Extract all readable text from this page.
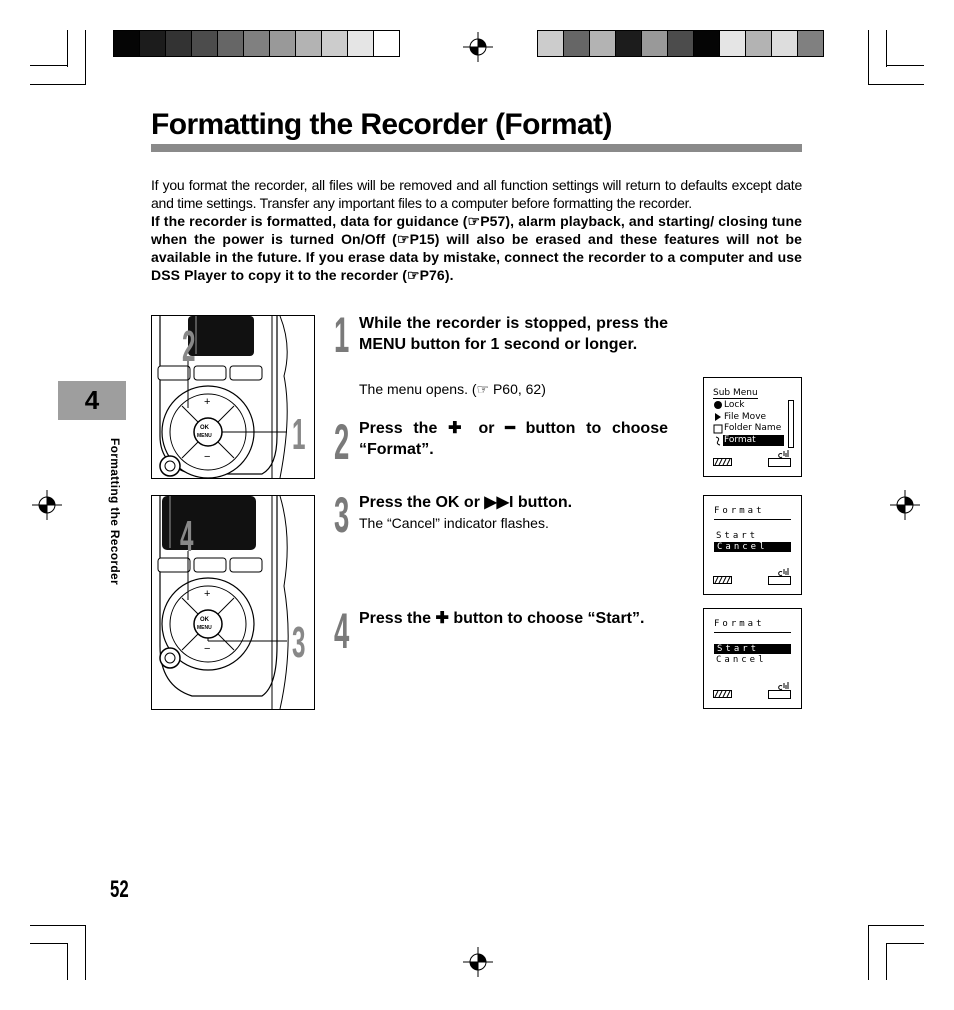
Formatting the Recorder (Format)
If you format the recorder, all files will be removed and all function settings will return to defaults except date and time settings. Transfer any important files to a computer before formatting the recorder.
If the recorder is formatted, data for guidance (☞P57), alarm playback, and starting/ closing tune when the power is turned On/Off (☞P15) will also be erased and these features will not be available in the future. If you erase data by mistake, connect the recorder to a computer and use DSS Player to copy it to the recorder (☞P76).
4
Formatting the Recorder
OK
MENU
+
−
2
1
OK
MENU
+
−
4
3
1 While the recorder is stopped, press the MENU button for 1 second or longer.
The menu opens. (☞ P60, 62)
2 Press the ✚ or ━ button to choose “Format”.
3 Press the OK or ▶▶I button.
The “Cancel” indicator flashes.
4 Press the ✚ button to choose “Start”.
Sub Menu
Lock
File Move
Folder Name
Format
Format
Start
Cancel
Format
Start
Cancel
52
